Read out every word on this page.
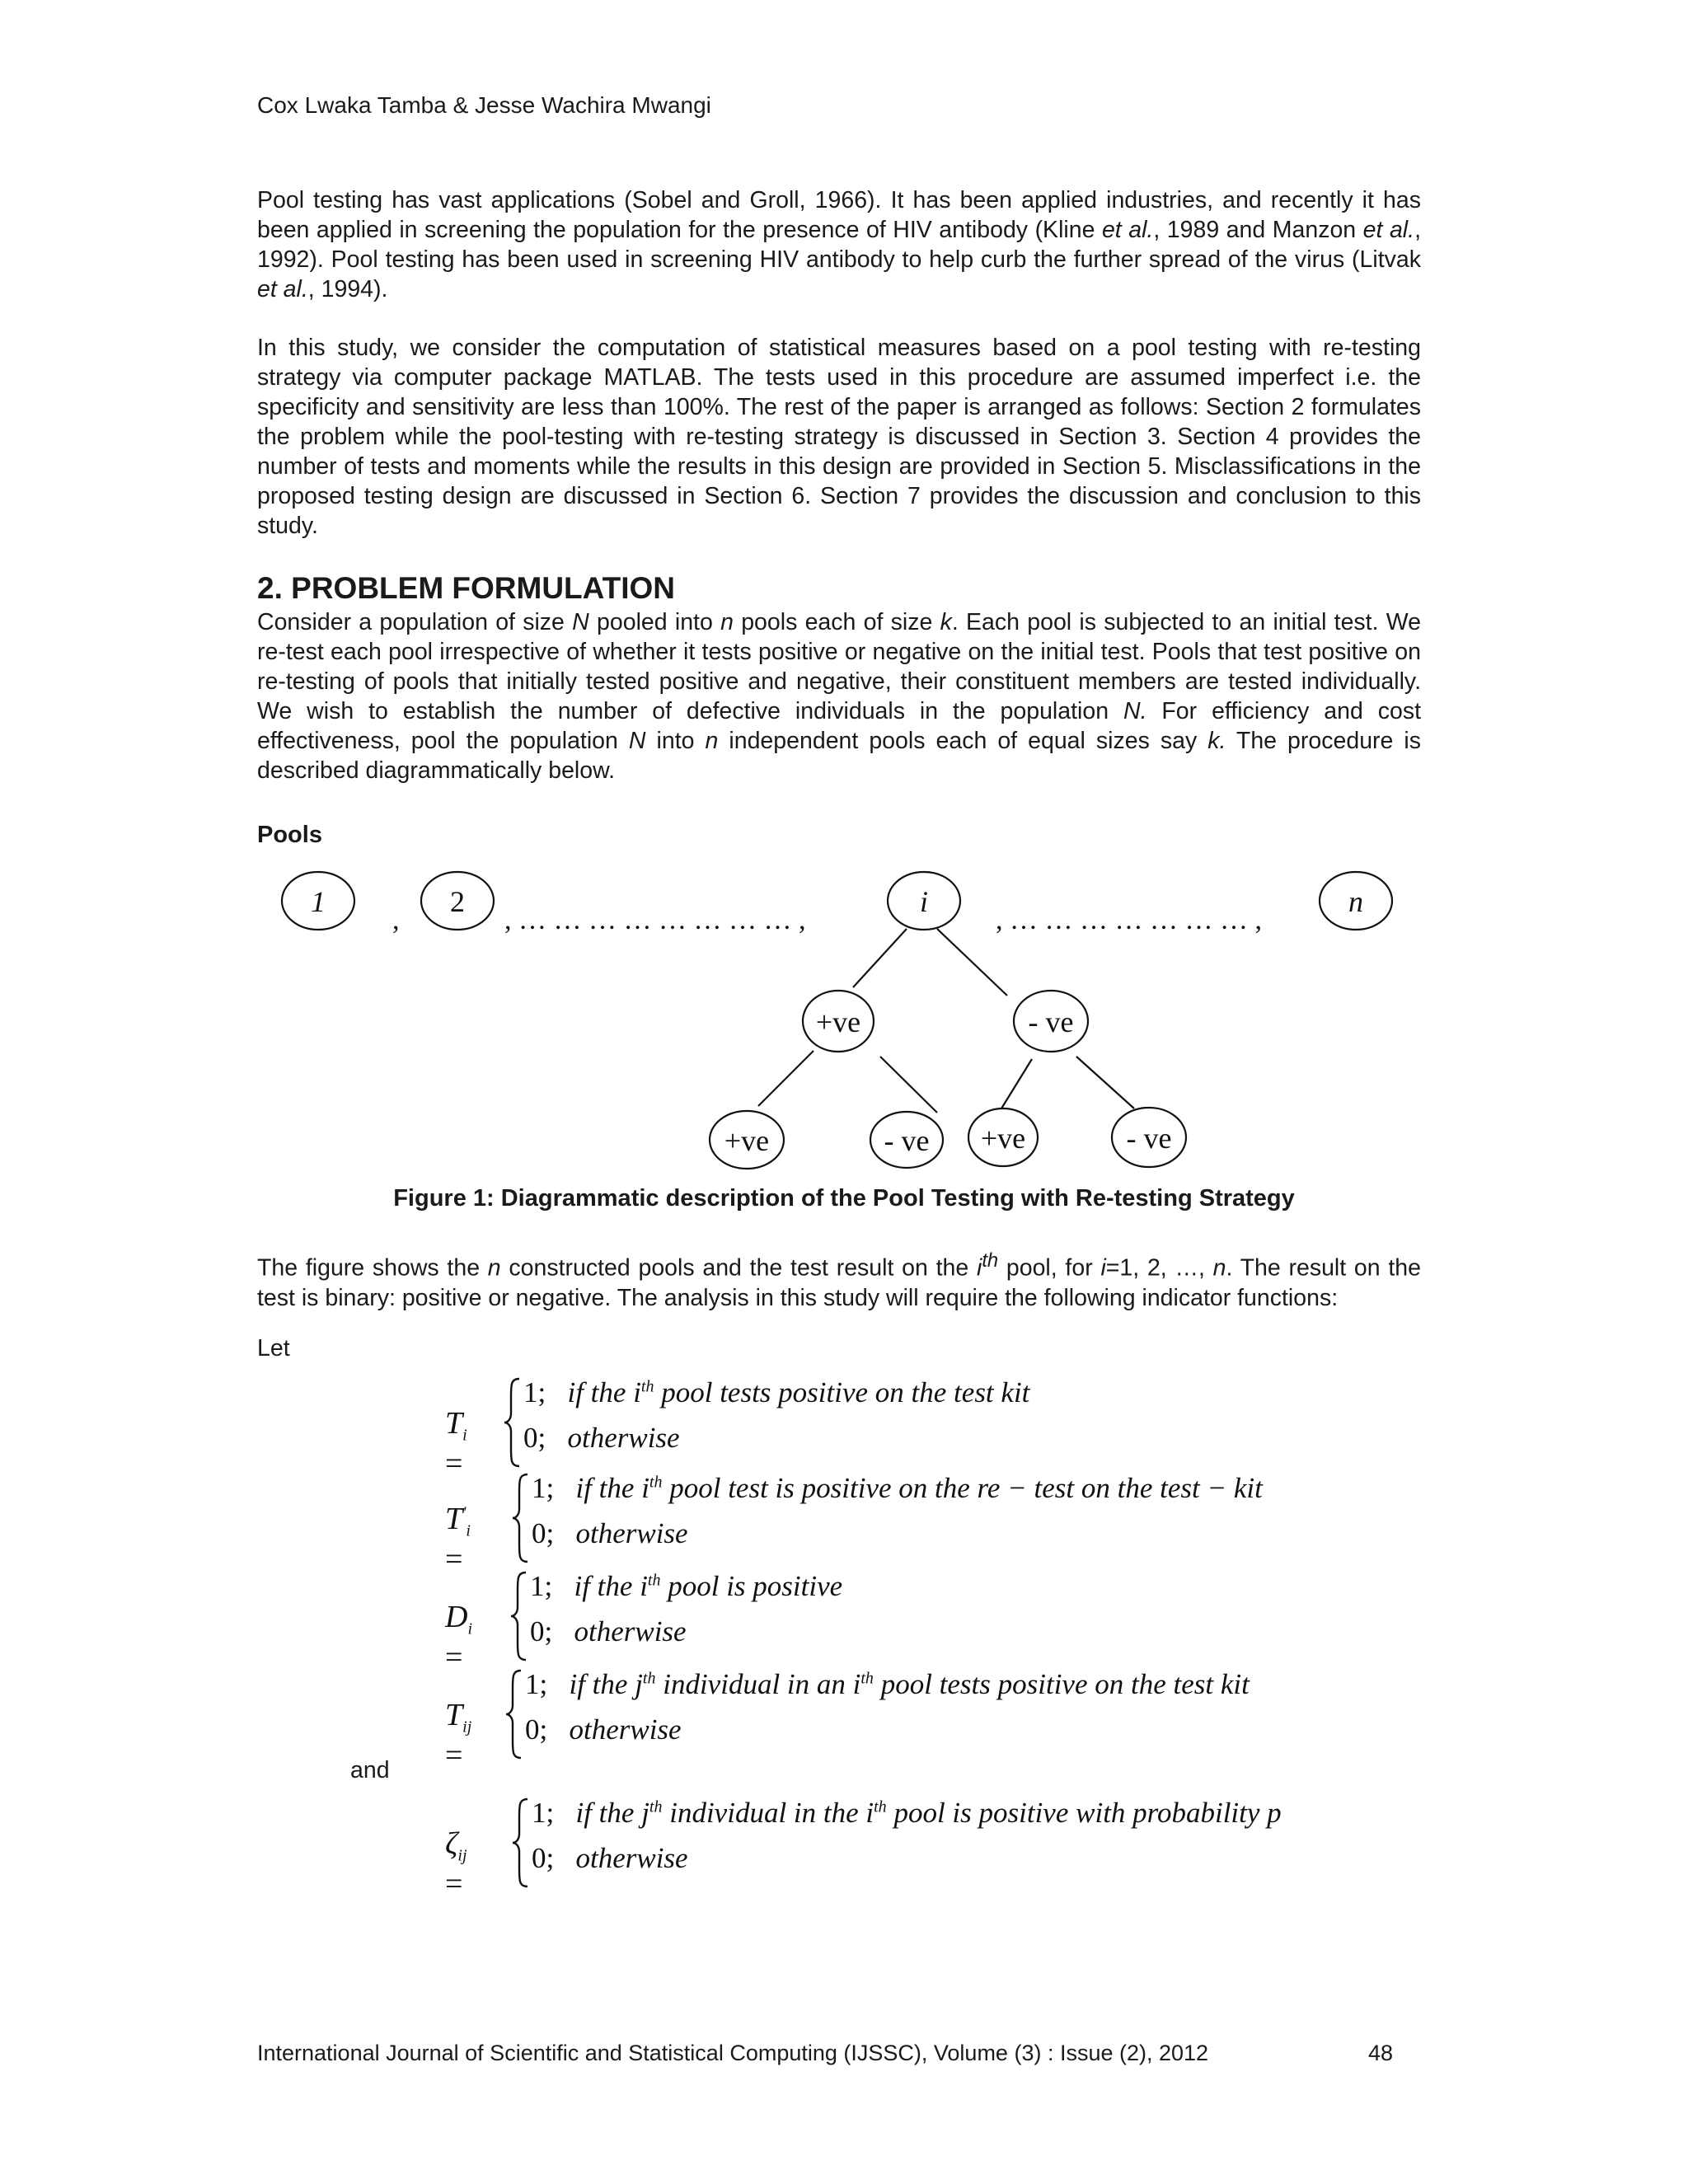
Cox Lwaka Tamba & Jesse Wachira Mwangi

Pool testing has vast applications (Sobel and Groll, 1966). It has been applied industries, and recently it has been applied in screening the population for the presence of HIV antibody (Kline et al., 1989 and Manzon et al., 1992). Pool testing has been used in screening HIV antibody to help curb the further spread of the virus (Litvak et al., 1994).

In this study, we consider the computation of statistical measures based on a pool testing with re-testing strategy via computer package MATLAB. The tests used in this procedure are assumed imperfect i.e. the specificity and sensitivity are less than 100%. The rest of the paper is arranged as follows: Section 2 formulates the problem while the pool-testing with re-testing strategy is discussed in Section 3. Section 4 provides the number of tests and moments while the results in this design are provided in Section 5. Misclassifications in the proposed testing design are discussed in Section 6. Section 7 provides the discussion and conclusion to this study.

2. PROBLEM FORMULATION

Consider a population of size N pooled into n pools each of size k. Each pool is subjected to an initial test. We re-test each pool irrespective of whether it tests positive or negative on the initial test. Pools that test positive on re-testing of pools that initially tested positive and negative, their constituent members are tested individually. We wish to establish the number of defective individuals in the population N. For efficiency and cost effectiveness, pool the population N into n independent pools each of equal sizes say k. The procedure is described diagrammatically below.

Pools
1	2	i	n
+ve	- ve
+ve	- ve +ve	- ve
,	, … … … … … … … … ,	, … … … … … … … ,
Figure 1: Diagrammatic description of the Pool Testing with Re-testing Strategy

The figure shows the n constructed pools and the test result on the $i^{th}$ pool, for i=1, 2, …, n. The result on the test is binary: positive or negative. The analysis in this study will require the following indicator functions:

Let
and
$T_i$ =
1; if the $i^{th}$ pool tests positive on the test kit
0; otherwise
$T'_i$ =
1; if the $i^{th}$ pool test is positive on the re − test on the test − kit
0; otherwise
$D_i$ =
1; if the $i^{th}$ pool is positive
0; otherwise
$T_{ij}$ =
1; if the $j^{th}$ individual in an $i^{th}$ pool tests positive on the test kit
0; otherwise
$\zeta_{ij}$ =
1; if the $j^{th}$ individual in the $i^{th}$ pool is positive with probability p
0; otherwise
International Journal of Scientific and Statistical Computing (IJSSC), Volume (3) : Issue (2), 2012	48
